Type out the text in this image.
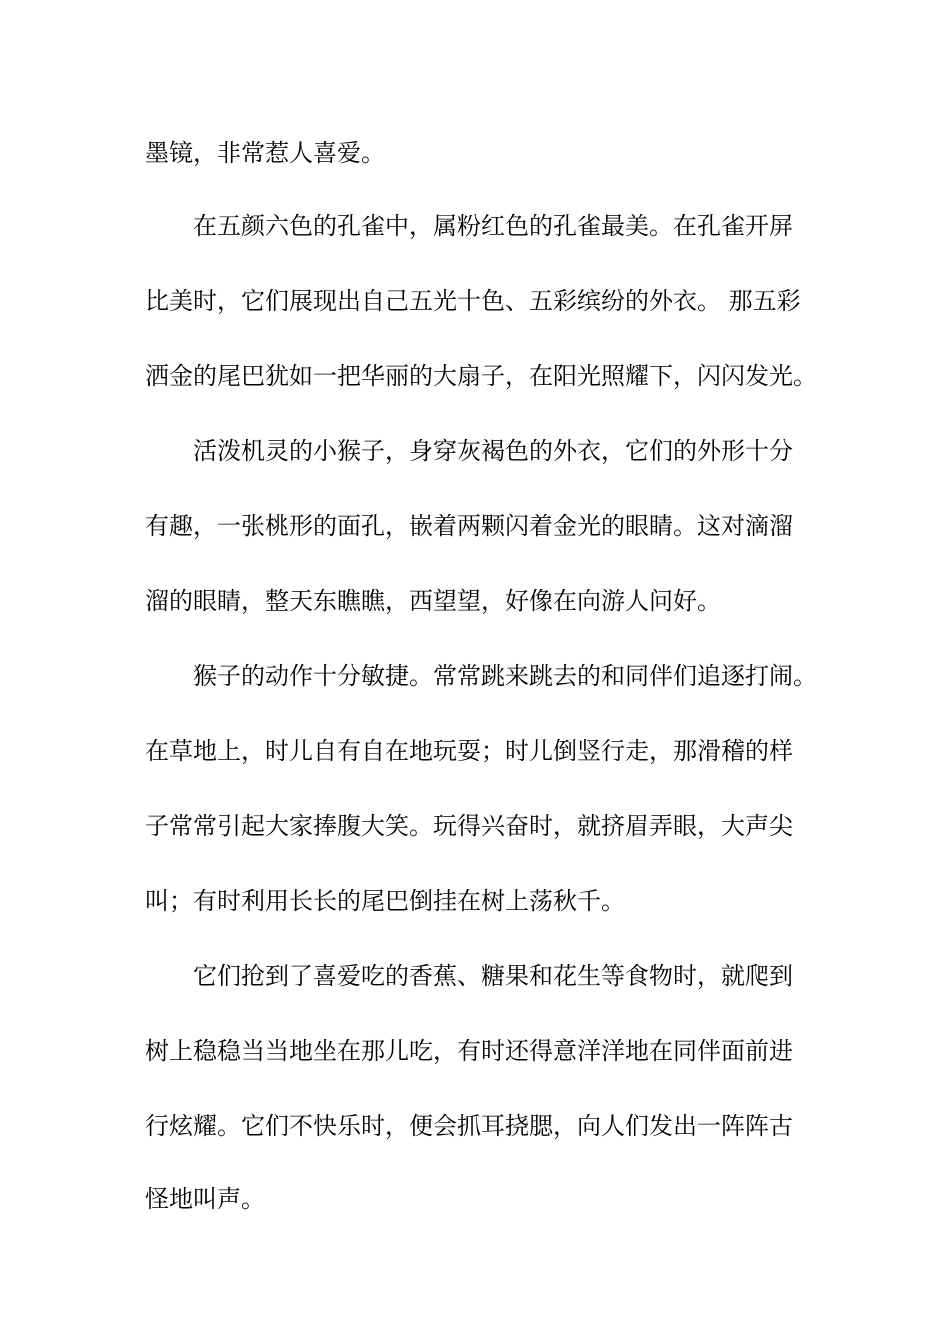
墨镜，非常惹人喜爱。

在五颜六色的孔雀中，属粉红色的孔雀最美。在孔雀开屏

比美时，它们展现出自己五光十色、五彩缤纷的外衣。 那五彩

洒金的尾巴犹如一把华丽的大扇子，在阳光照耀下，闪闪发光。

活泼机灵的小猴子，身穿灰褐色的外衣，它们的外形十分

有趣，一张桃形的面孔，嵌着两颗闪着金光的眼睛。这对滴溜

溜的眼睛，整天东瞧瞧，西望望，好像在向游人问好。

猴子的动作十分敏捷。常常跳来跳去的和同伴们追逐打闹。

在草地上，时儿自有自在地玩耍；时儿倒竖行走，那滑稽的样

子常常引起大家捧腹大笑。玩得兴奋时，就挤眉弄眼，大声尖

叫；有时利用长长的尾巴倒挂在树上荡秋千。

它们抢到了喜爱吃的香蕉、糖果和花生等食物时，就爬到

树上稳稳当当地坐在那儿吃，有时还得意洋洋地在同伴面前进

行炫耀。它们不快乐时，便会抓耳挠腮，向人们发出一阵阵古

怪地叫声。
